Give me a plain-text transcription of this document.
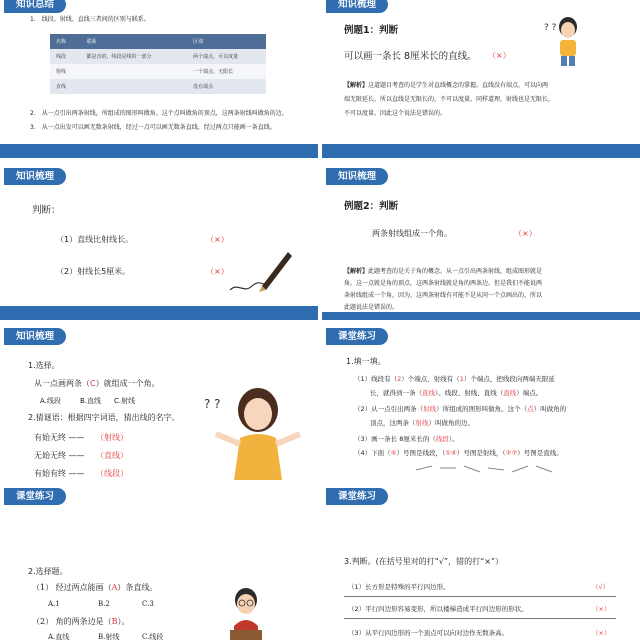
知识总结
1.　线段、射线、直线三者间的区别与联系。
名称	联系	区别
线段	都是直的，线段是线的一部分	两个端点，可以度量
射线		一个端点，无限长
直线		没有端点
2.　从一点引出两条射线，所组成的图形叫做角。这个点叫做角的顶点，这两条射线叫做角的边。
3.　从一点出发可以画无数条射线，经过一点可以画无数条直线，经过两点只能画一条直线。
知识梳理
例题1：判断
可以画一条长 8厘米长的直线。 （×）
? ?
【解析】这道题目考查的是学生对直线概念的掌握。直线没有端点，可以向两
端无限延长，所以直线是无限长的，不可以度量。同样道理，射线也是无限长，
不可以度量。因此这个说法是错误的。
知识梳理
判断：
（1）直线比射线长。	（×）
（2）射线长5厘米。	（×）
知识梳理
例题2：判断
两条射线组成一个角。	（×）
【解析】此题考查的是关于角的概念。从一点引出两条射线，组成图形就是
角。这一点就是角的顶点，这两条射线就是角的两条边。但是我们不能说两
条射线组成一个角，因为，这两条射线有可能不是从同一个点画出的，所以
此题说法是错误的。
知识梳理
1.选择。
从一点画两条（C）就组成一个角。
A.线段	B.直线 C.射线
2.猜谜语：根据四字词语，猜出线的名字。
有始无终 —— （射线）
无始无终 —— （直线）
有始有终 —— （线段）
? ?
课堂练习
1.填一填。
（1）线段有（2）个端点，射线有（1）个端点，把线段向两端无限延
长，就得到一条（直线）。线段、射线、直线（直线）端点。
（2）从一点引出两条（射线）所组成的图形叫做角。这个（点）叫做角的
顶点，这两条（射线）叫做角的边。
（3）画一条长 8厘米长的（线段）。
（4）下面（⑤）号图是线段，（①⑥）号图是射线，（②⑦）号图是直线。
课堂练习
2.选择题。
（1） 经过两点能画（A）条直线。
A.1	B.2	C.3
（2） 角的两条边是（B）。
A.直线	B.射线	C.线段
课堂练习
3.判断。(在括号里对的打“√”，错的打“×”）
（1）长方形是特殊的平行四边形。	（√）
（2）平行四边形容易变形，所以楼梯造成平行四边形的形状。	（×）
（3）从平行四边形的一个顶点可以向对边作无数条高。	（×）
